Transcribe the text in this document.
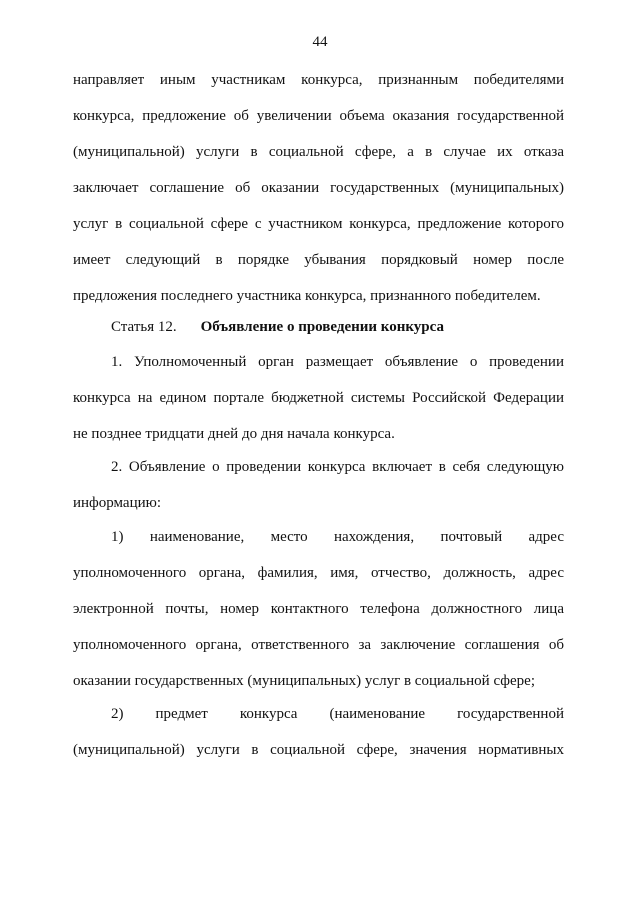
44
направляет иным участникам конкурса, признанным победителями
конкурса, предложение об увеличении объема оказания государственной
(муниципальной) услуги в социальной сфере, а в случае их отказа
заключает соглашение об оказании государственных (муниципальных)
услуг в социальной сфере с участником конкурса, предложение которого
имеет следующий в порядке убывания порядковый номер после
предложения последнего участника конкурса, признанного победителем.
Статья 12. Объявление о проведении конкурса
1. Уполномоченный орган размещает объявление о проведении
конкурса на едином портале бюджетной системы Российской Федерации
не позднее тридцати дней до дня начала конкурса.
2. Объявление о проведении конкурса включает в себя следующую
информацию:
1) наименование, место нахождения, почтовый адрес
уполномоченного органа, фамилия, имя, отчество, должность, адрес
электронной почты, номер контактного телефона должностного лица
уполномоченного органа, ответственного за заключение соглашения об
оказании государственных (муниципальных) услуг в социальной сфере;
2) предмет конкурса (наименование государственной
(муниципальной) услуги в социальной сфере, значения нормативных
